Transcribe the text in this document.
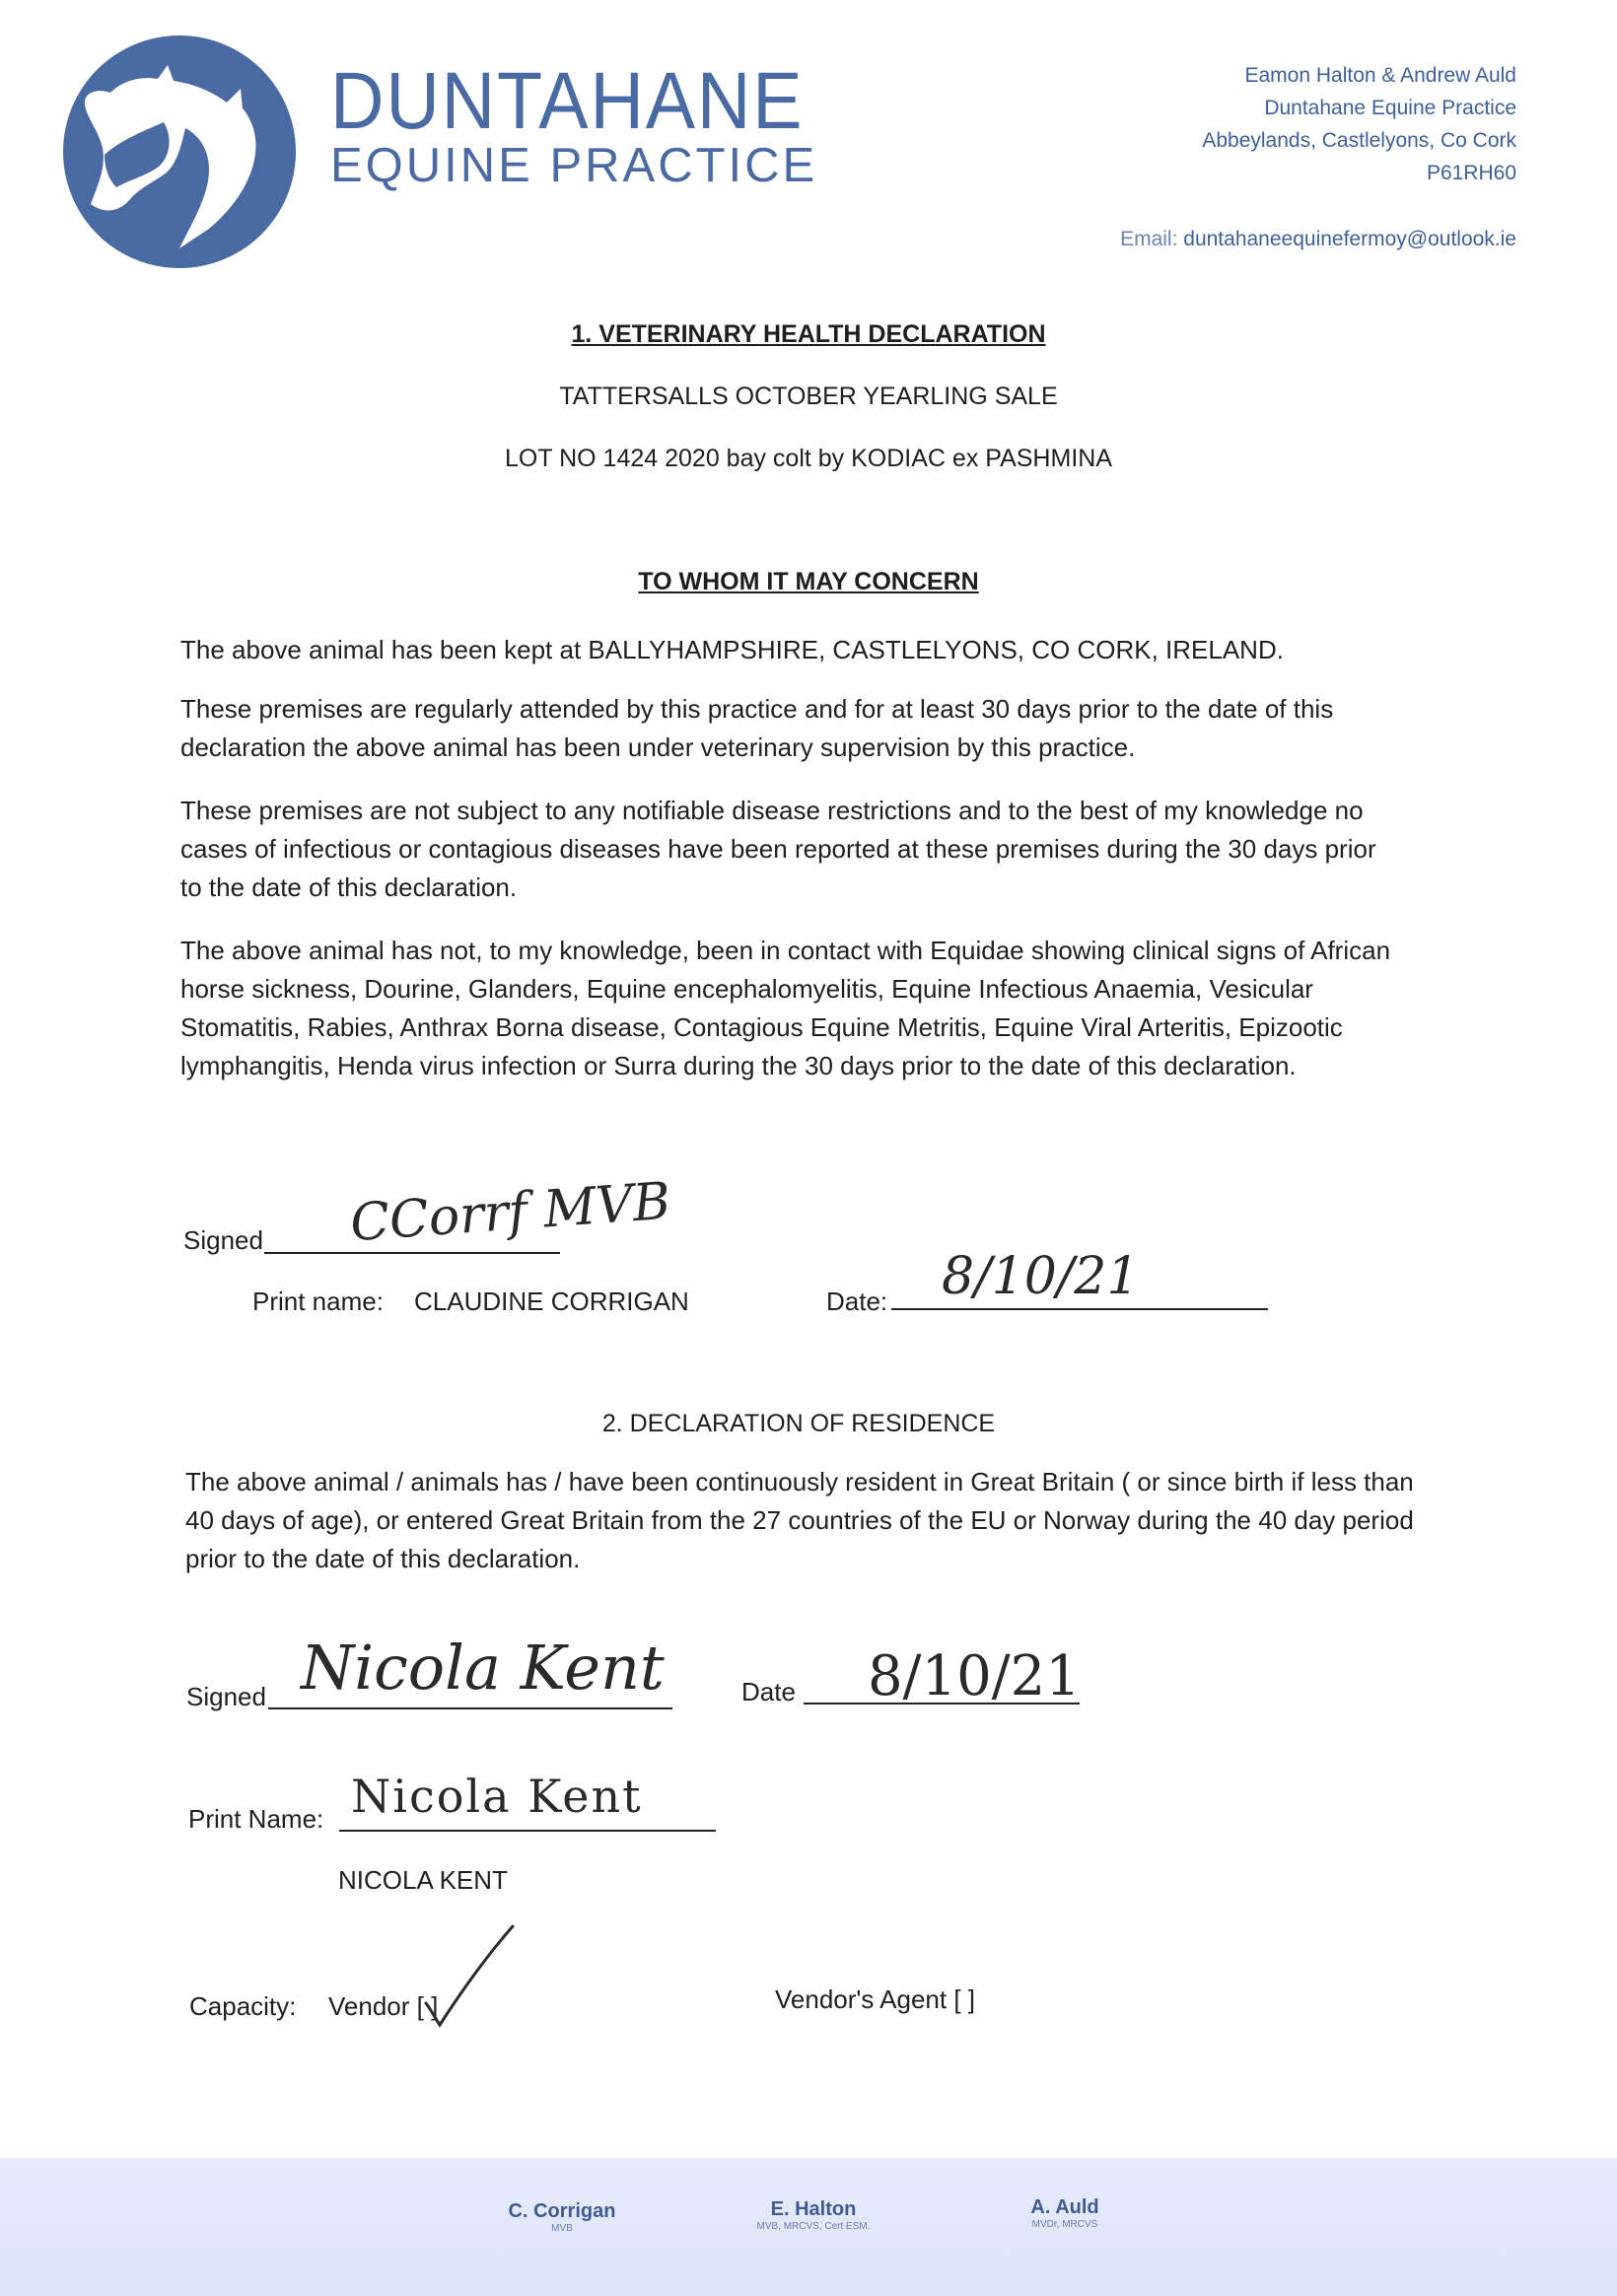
DUNTAHANE
EQUINE PRACTICE
Eamon Halton & Andrew Auld
Duntahane Equine Practice
Abbeylands, Castlelyons, Co Cork
P61RH60
Email: duntahaneequinefermoy@outlook.ie
1. VETERINARY HEALTH DECLARATION
TATTERSALLS OCTOBER YEARLING SALE
LOT NO 1424 2020 bay colt by KODIAC ex PASHMINA
TO WHOM IT MAY CONCERN
The above animal has been kept at BALLYHAMPSHIRE, CASTLELYONS, CO CORK, IRELAND.
These premises are regularly attended by this practice and for at least 30 days prior to the date of this declaration the above animal has been under veterinary supervision by this practice.
These premises are not subject to any notifiable disease restrictions and to the best of my knowledge no cases of infectious or contagious diseases have been reported at these premises during the 30 days prior to the date of this declaration.
The above animal has not, to my knowledge, been in contact with Equidae showing clinical signs of African horse sickness, Dourine, Glanders, Equine encephalomyelitis, Equine Infectious Anaemia, Vesicular Stomatitis, Rabies, Anthrax Borna disease, Contagious Equine Metritis, Equine Viral Arteritis, Epizootic lymphangitis, Henda virus infection or Surra during the 30 days prior to the date of this declaration.
Signed CCorrf MVB
Print name: CLAUDINE CORRIGAN	Date: 8/10/21
2. DECLARATION OF RESIDENCE
The above animal / animals has / have been continuously resident in Great Britain ( or since birth if less than 40 days of age), or entered Great Britain from the 27 countries of the EU or Norway during the 40 day period prior to the date of this declaration.
Signed Nicola Kent	Date 8/10/21
Print Name: Nicola Kent
NICOLA KENT
Capacity: Vendor [ ]	Vendor's Agent [ ]
C. Corrigan
MVB
E. Halton
MVB, MRCVS, Cert ESM.
A. Auld
MVDr, MRCVS
